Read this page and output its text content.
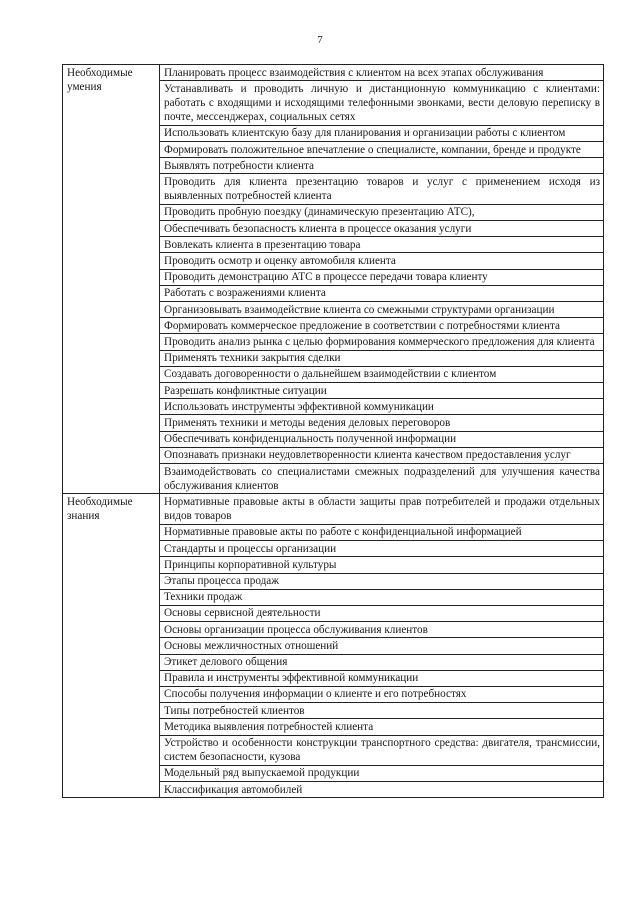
7
Необходимые
умения	Планировать процесс взаимодействия с клиентом на всех этапах обслуживания
	Устанавливать и проводить личную и дистанционную коммуникацию с клиентами: работать с входящими и исходящими телефонными звонками, вести деловую переписку в почте, мессенджерах, социальных сетях
	Использовать клиентскую базу для планирования и организации работы с клиентом
	Формировать положительное впечатление о специалисте, компании, бренде и продукте
	Выявлять потребности клиента
	Проводить для клиента презентацию товаров и услуг с применением исходя из выявленных потребностей клиента
	Проводить пробную поездку (динамическую презентацию АТС),
	Обеспечивать безопасность клиента в процессе оказания услуги
	Вовлекать клиента в презентацию товара
	Проводить осмотр и оценку автомобиля клиента
	Проводить демонстрацию АТС в процессе передачи товара клиенту
	Работать с возражениями клиента
	Организовывать взаимодействие клиента со смежными структурами организации
	Формировать коммерческое предложение в соответствии с потребностями клиента
	Проводить анализ рынка с целью формирования коммерческого предложения для клиента
	Применять техники закрытия сделки
	Создавать договоренности о дальнейшем взаимодействии с клиентом
	Разрешать конфликтные ситуации
	Использовать инструменты эффективной коммуникации
	Применять техники и методы ведения деловых переговоров
	Обеспечивать конфиденциальность полученной информации
	Опознавать признаки неудовлетворенности клиента качеством предоставления услуг
	Взаимодействовать со специалистами смежных подразделений для улучшения качества обслуживания клиентов

Необходимые
знания	Нормативные правовые акты в области защиты прав потребителей и продажи отдельных видов товаров
	Нормативные правовые акты по работе с конфиденциальной информацией
	Стандарты и процессы организации
	Принципы корпоративной культуры
	Этапы процесса продаж
	Техники продаж
	Основы сервисной деятельности
	Основы организации процесса обслуживания клиентов
	Основы межличностных отношений
	Этикет делового общения
	Правила и инструменты эффективной коммуникации
	Способы получения информации о клиенте и его потребностях
	Типы потребностей клиентов
	Методика выявления потребностей клиента
	Устройство и особенности конструкции транспортного средства: двигателя, трансмиссии, систем безопасности, кузова
	Модельный ряд выпускаемой продукции
	Классификация автомобилей
